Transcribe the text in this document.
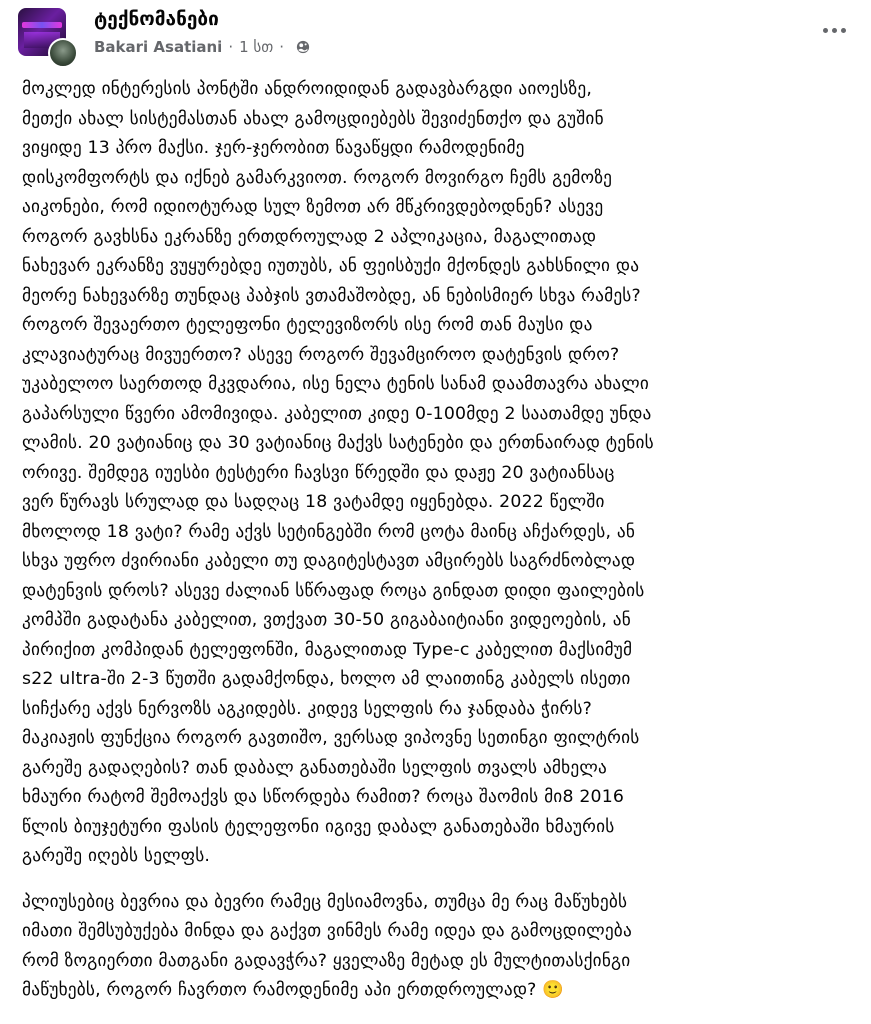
ტექნომანები
Bakari Asatiani · 1 სთ ·

მოკლედ ინტერესის პონტში ანდროიდიდან გადავბარგდი აიოესზე,
მეთქი ახალ სისტემასთან ახალ გამოცდიებებს შევიძენთქო და გუშინ
ვიყიდე 13 პრო მაქსი. ჯერ-ჯერობით წავაწყდი რამოდენიმე
დისკომფორტს და იქნებ გამარკვიოთ. როგორ მოვირგო ჩემს გემოზე
აიკონები, რომ იდიოტურად სულ ზემოთ არ მწკრივდებოდნენ? ასევე
როგორ გავხსნა ეკრანზე ერთდროულად 2 აპლიკაცია, მაგალითად
ნახევარ ეკრანზე ვუყურებდე იუთუბს, ან ფეისბუქი მქონდეს გახსნილი და
მეორე ნახევარზე თუნდაც პაბჯის ვთამაშობდე, ან ნებისმიერ სხვა რამეს?
როგორ შევაერთო ტელეფონი ტელევიზორს ისე რომ თან მაუსი და
კლავიატურაც მივუერთო? ასევე როგორ შევამციროო დატენვის დრო?
უკაბელოო საერთოდ მკვდარია, ისე ნელა ტენის სანამ დაამთავრა ახალი
გაპარსული წვერი ამომივიდა. კაბელით კიდე 0-100მდე 2 საათამდე უნდა
ლამის. 20 ვატიანიც და 30 ვატიანიც მაქვს სატენები და ერთნაირად ტენის
ორივე. შემდეგ იუესბი ტესტერი ჩავსვი წრედში და დაჟე 20 ვატიანსაც
ვერ წურავს სრულად და სადღაც 18 ვატამდე იყენებდა. 2022 წელში
მხოლოდ 18 ვატი? რამე აქვს სეტინგებში რომ ცოტა მაინც აჩქარდეს, ან
სხვა უფრო ძვირიანი კაბელი თუ დაგიტესტავთ ამცირებს საგრძნობლად
დატენვის დროს? ასევე ძალიან სწრაფად როცა გინდათ დიდი ფაილების
კომპში გადატანა კაბელით, ვთქვათ 30-50 გიგაბაიტიანი ვიდეოების, ან
პირიქით კომპიდან ტელეფონში, მაგალითად Type-c კაბელით მაქსიმუმ
s22 ultra-ში 2-3 წუთში გადამქონდა, ხოლო ამ ლაითინგ კაბელს ისეთი
სიჩქარე აქვს ნერვოზს აგკიდებს. კიდევ სელფის რა ჯანდაბა ჭირს?
მაკიაჟის ფუნქცია როგორ გავთიშო, ვერსად ვიპოვნე სეთინგი ფილტრის
გარეშე გადაღების? თან დაბალ განათებაში სელფის თვალს ამხელა
ხმაური რატომ შემოაქვს და სწორდება რამით? როცა შაომის მი8 2016
წლის ბიუჯეტური ფასის ტელეფონი იგივე დაბალ განათებაში ხმაურის
გარეშე იღებს სელფს.

პლიუსებიც ბევრია და ბევრი რამეც მესიამოვნა, თუმცა მე რაც მაწუხებს
იმათი შემსუბუქება მინდა და გაქვთ ვინმეს რამე იდეა და გამოცდილება
რომ ზოგიერთი მათგანი გადავჭრა? ყველაზე მეტად ეს მულტითასქინგი
მაწუხებს, როგორ ჩავრთო რამოდენიმე აპი ერთდროულად? 🙂
